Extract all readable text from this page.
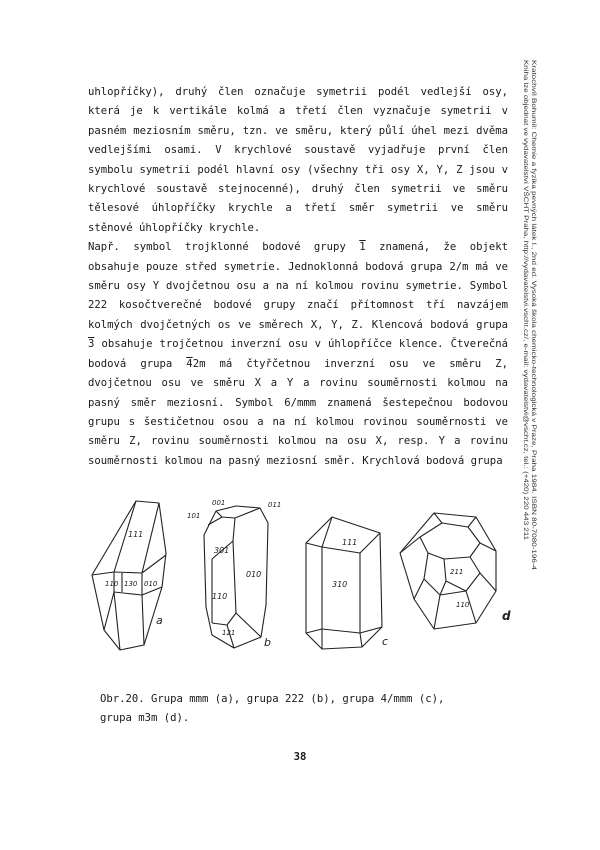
uhlopříčky), druhý člen označuje symetrii podél vedlejší osy, která je k vertikále kolmá a třetí člen vyznačuje symetrii v pasném meziosním směru, tzn. ve směru, který půlí úhel mezi dvěma vedlejšími osami. V krychlové soustavě vyjadřuje první člen symbolu symetrii podél hlavní osy (všechny tři osy X, Y, Z jsou v krychlové soustavě stejnocenné), druhý člen symetrii ve směru tělesové úhlopříčky krychle a třetí směr symetrii ve směru stěnové úhlopříčky krychle.

Např. symbol trojklonné bodové grupy 1 znamená, že objekt obsahuje pouze střed symetrie. Jednoklonná bodová grupa 2/m má ve směru osy Y dvojčetnou osu a na ní kolmou rovinu symetrie. Symbol 222 kosočtverečné bodové grupy značí přítomnost tří navzájem kolmých dvojčetných os ve směrech X, Y, Z. Klencová bodová grupa 3 obsahuje trojčetnou inverzní osu v úhlopříčce klence. Čtverečná bodová grupa 42m má čtyřčetnou inverzní osu ve směru Z, dvojčetnou osu ve směru X a Y a rovinu souměrnosti kolmou na pasný směr meziosní. Symbol 6/mmm znamená šestерečnou bodovou grupu s šestičetnou osou a na ní kolmou rovinou souměrnosti ve směru Z, rovinu souměrnosti kolmou na osu X, resp. Y a rovinu souměrnosti kolmou na pasný meziosní směr. Krychlová bodová grupa

Kratochvíl Bohumil: Chemie a fyzika pevných látek I., 2nd ed. Vysoká škola chemicko-technologická v Praze, Praha 1984. ISBN 80-7080-196-4
Kniha lze objednat ve vydavatelství VŠCHT Praha, http://vydavatelstvi.vscht.cz/, e-mail: vydavatelstvi@vscht.cz, tel.: (+420) 220 443 211
111
110 130 010
a
001	011
101
301
010
110
121
b
111
310
c
211
110
d
Obr.20. Grupa mmm (a), grupa 222 (b), grupa 4/mmm (c),
grupa m3m (d).
38
